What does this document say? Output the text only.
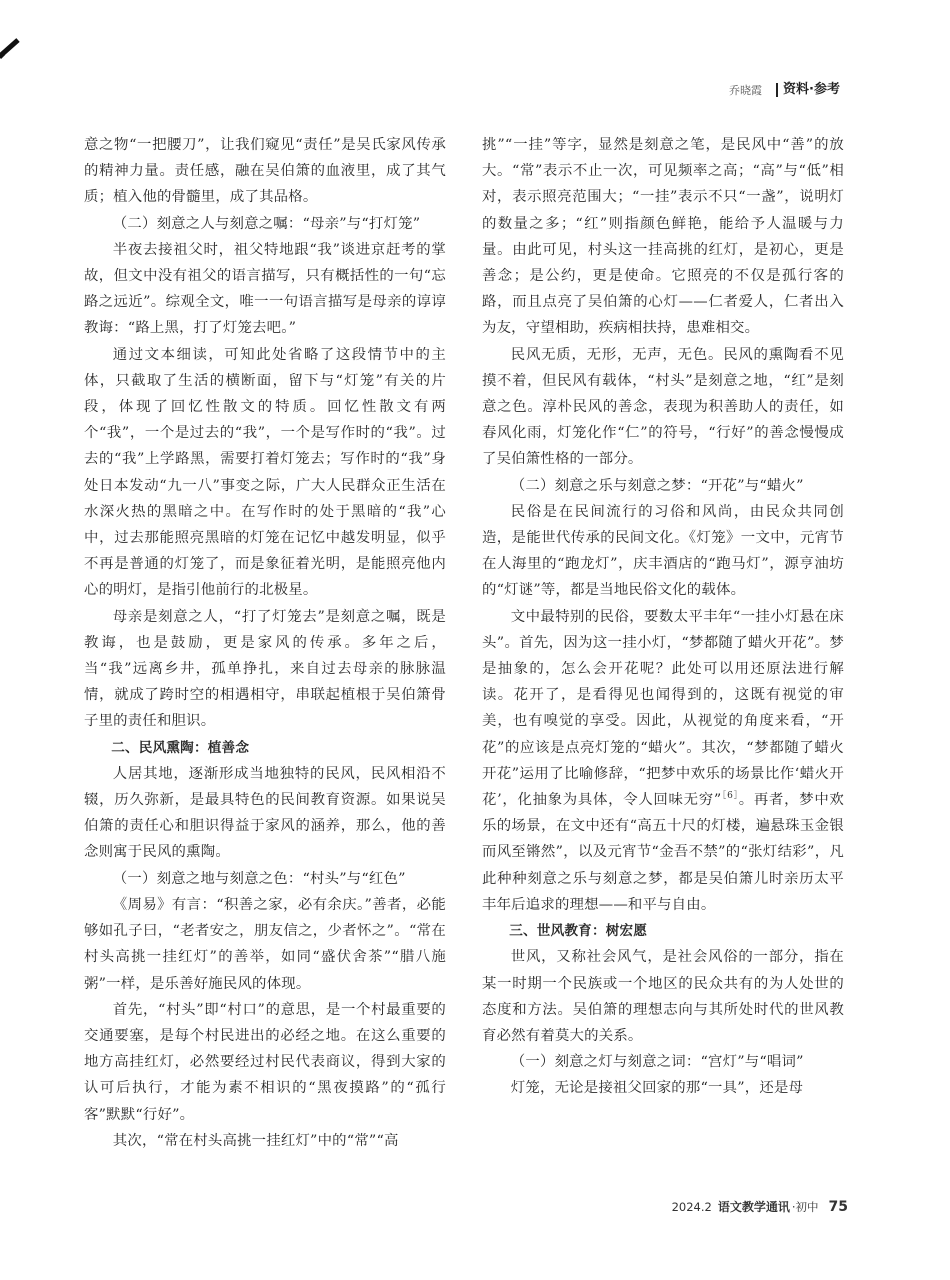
乔晓霞	资料·参考

意之物“一把腰刀”，让我们窥见“责任”是吴氏家风传承的精神力量。责任感，融在吴伯箫的血液里，成了其气质；植入他的骨髓里，成了其品格。

（二）刻意之人与刻意之嘱：“母亲”与“打灯笼”

半夜去接祖父时，祖父特地跟“我”谈进京赶考的掌故，但文中没有祖父的语言描写，只有概括性的一句“忘路之远近”。综观全文，唯一一句语言描写是母亲的谆谆教诲：“路上黑，打了灯笼去吧。”

通过文本细读，可知此处省略了这段情节中的主体，只截取了生活的横断面，留下与“灯笼”有关的片段，体现了回忆性散文的特质。回忆性散文有两个“我”，一个是过去的“我”，一个是写作时的“我”。过去的“我”上学路黑，需要打着灯笼去；写作时的“我”身处日本发动“九一八”事变之际，广大人民群众正生活在水深火热的黑暗之中。在写作时的处于黑暗的“我”心中，过去那能照亮黑暗的灯笼在记忆中越发明显，似乎不再是普通的灯笼了，而是象征着光明，是能照亮他内心的明灯，是指引他前行的北极星。

母亲是刻意之人，“打了灯笼去”是刻意之嘱，既是教诲，也是鼓励，更是家风的传承。多年之后，当“我”远离乡井，孤单挣扎，来自过去母亲的脉脉温情，就成了跨时空的相遇相守，串联起植根于吴伯箫骨子里的责任和胆识。

二、民风熏陶：植善念

人居其地，逐渐形成当地独特的民风，民风相沿不辍，历久弥新，是最具特色的民间教育资源。如果说吴伯箫的责任心和胆识得益于家风的涵养，那么，他的善念则寓于民风的熏陶。

（一）刻意之地与刻意之色：“村头”与“红色”

《周易》有言：“积善之家，必有余庆。”善者，必能够如孔子曰，“老者安之，朋友信之，少者怀之”。“常在村头高挑一挂红灯”的善举，如同“盛伏舍茶”“腊八施粥”一样，是乐善好施民风的体现。

首先，“村头”即“村口”的意思，是一个村最重要的交通要塞，是每个村民进出的必经之地。在这么重要的地方高挂红灯，必然要经过村民代表商议，得到大家的认可后执行，才能为素不相识的“黑夜摸路”的“孤行客”默默“行好”。

其次，“常在村头高挑一挂红灯”中的“常”“高

挑”“一挂”等字，显然是刻意之笔，是民风中“善”的放大。“常”表示不止一次，可见频率之高；“高”与“低”相对，表示照亮范围大；“一挂”表示不只“一盏”，说明灯的数量之多；“红”则指颜色鲜艳，能给予人温暖与力量。由此可见，村头这一挂高挑的红灯，是初心，更是善念；是公约，更是使命。它照亮的不仅是孤行客的路，而且点亮了吴伯箫的心灯——仁者爱人，仁者出入为友，守望相助，疾病相扶持，患难相交。

民风无质，无形，无声，无色。民风的熏陶看不见摸不着，但民风有载体，“村头”是刻意之地，“红”是刻意之色。淳朴民风的善念，表现为积善助人的责任，如春风化雨，灯笼化作“仁”的符号，“行好”的善念慢慢成了吴伯箫性格的一部分。

（二）刻意之乐与刻意之梦：“开花”与“蜡火”

民俗是在民间流行的习俗和风尚，由民众共同创造，是能世代传承的民间文化。《灯笼》一文中，元宵节在人海里的“跑龙灯”，庆丰酒店的“跑马灯”，源亨油坊的“灯谜”等，都是当地民俗文化的载体。

文中最特别的民俗，要数太平丰年“一挂小灯悬在床头”。首先，因为这一挂小灯，“梦都随了蜡火开花”。梦是抽象的，怎么会开花呢？此处可以用还原法进行解读。花开了，是看得见也闻得到的，这既有视觉的审美，也有嗅觉的享受。因此，从视觉的角度来看，“开花”的应该是点亮灯笼的“蜡火”。其次，“梦都随了蜡火开花”运用了比喻修辞，“把梦中欢乐的场景比作‘蜡火开花’，化抽象为具体，令人回味无穷”$^{[6]}$。再者，梦中欢乐的场景，在文中还有“高五十尺的灯楼，遍悬珠玉金银而风至锵然”，以及元宵节“金吾不禁”的“张灯结彩”，凡此种种刻意之乐与刻意之梦，都是吴伯箫儿时亲历太平丰年后追求的理想——和平与自由。

三、世风教育：树宏愿

世风，又称社会风气，是社会风俗的一部分，指在某一时期一个民族或一个地区的民众共有的为人处世的态度和方法。吴伯箫的理想志向与其所处时代的世风教育必然有着莫大的关系。

（一）刻意之灯与刻意之词：“宫灯”与“唱词”

灯笼，无论是接祖父回家的那“一具”，还是母

2024.2 语文教学通讯 ·初中 75
